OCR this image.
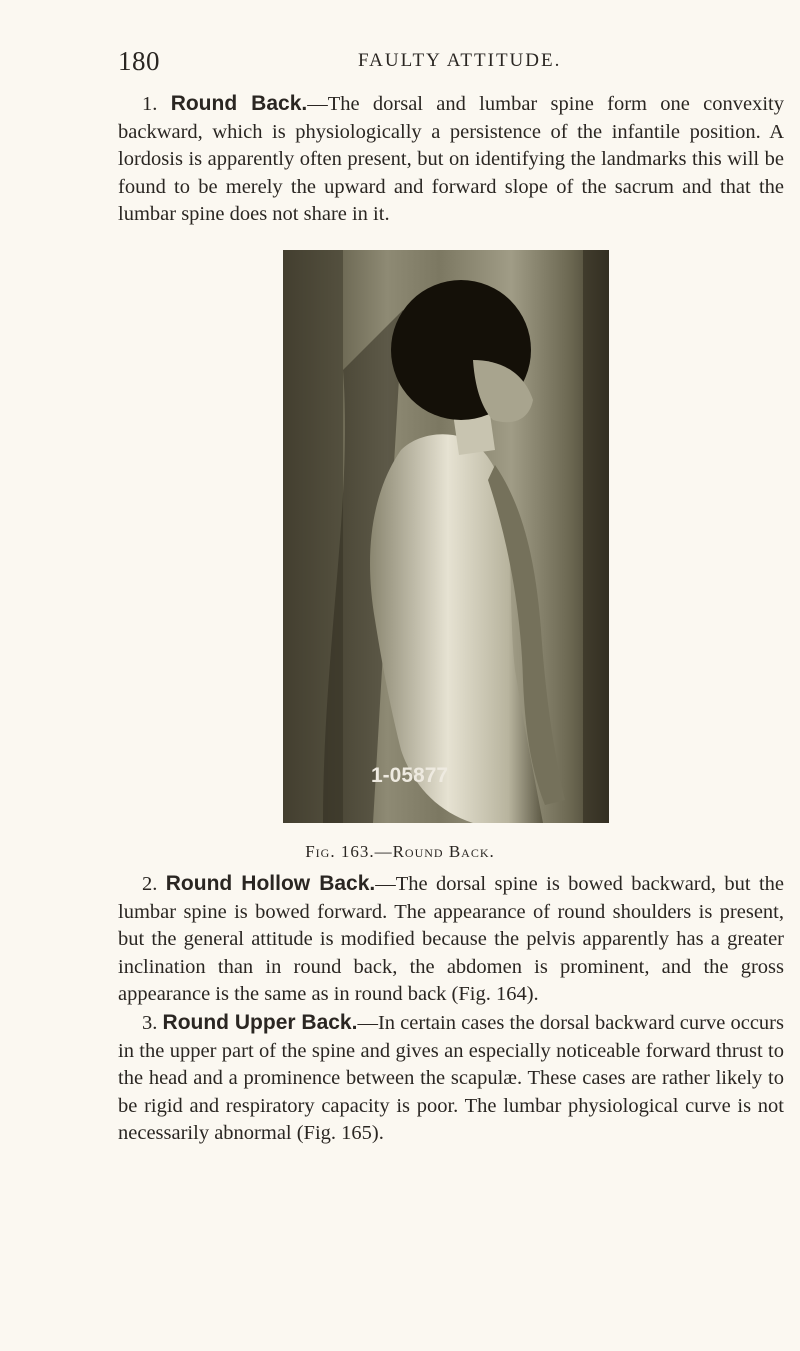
180	FAULTY ATTITUDE.

1. Round Back.—The dorsal and lumbar spine form one convexity backward, which is physiologically a persistence of the infantile position. A lordosis is apparently often present, but on identifying the landmarks this will be found to be merely the upward and forward slope of the sacrum and that the lumbar spine does not share in it.

1-05877
Fig. 163.—Round Back.

2. Round Hollow Back.—The dorsal spine is bowed backward, but the lumbar spine is bowed forward. The appearance of round shoulders is present, but the general attitude is modified because the pelvis apparently has a greater inclination than in round back, the abdomen is prominent, and the gross appearance is the same as in round back (Fig. 164).

3. Round Upper Back.—In certain cases the dorsal backward curve occurs in the upper part of the spine and gives an especially noticeable forward thrust to the head and a prominence between the scapulæ. These cases are rather likely to be rigid and respiratory capacity is poor. The lumbar physiological curve is not necessarily abnormal (Fig. 165).
